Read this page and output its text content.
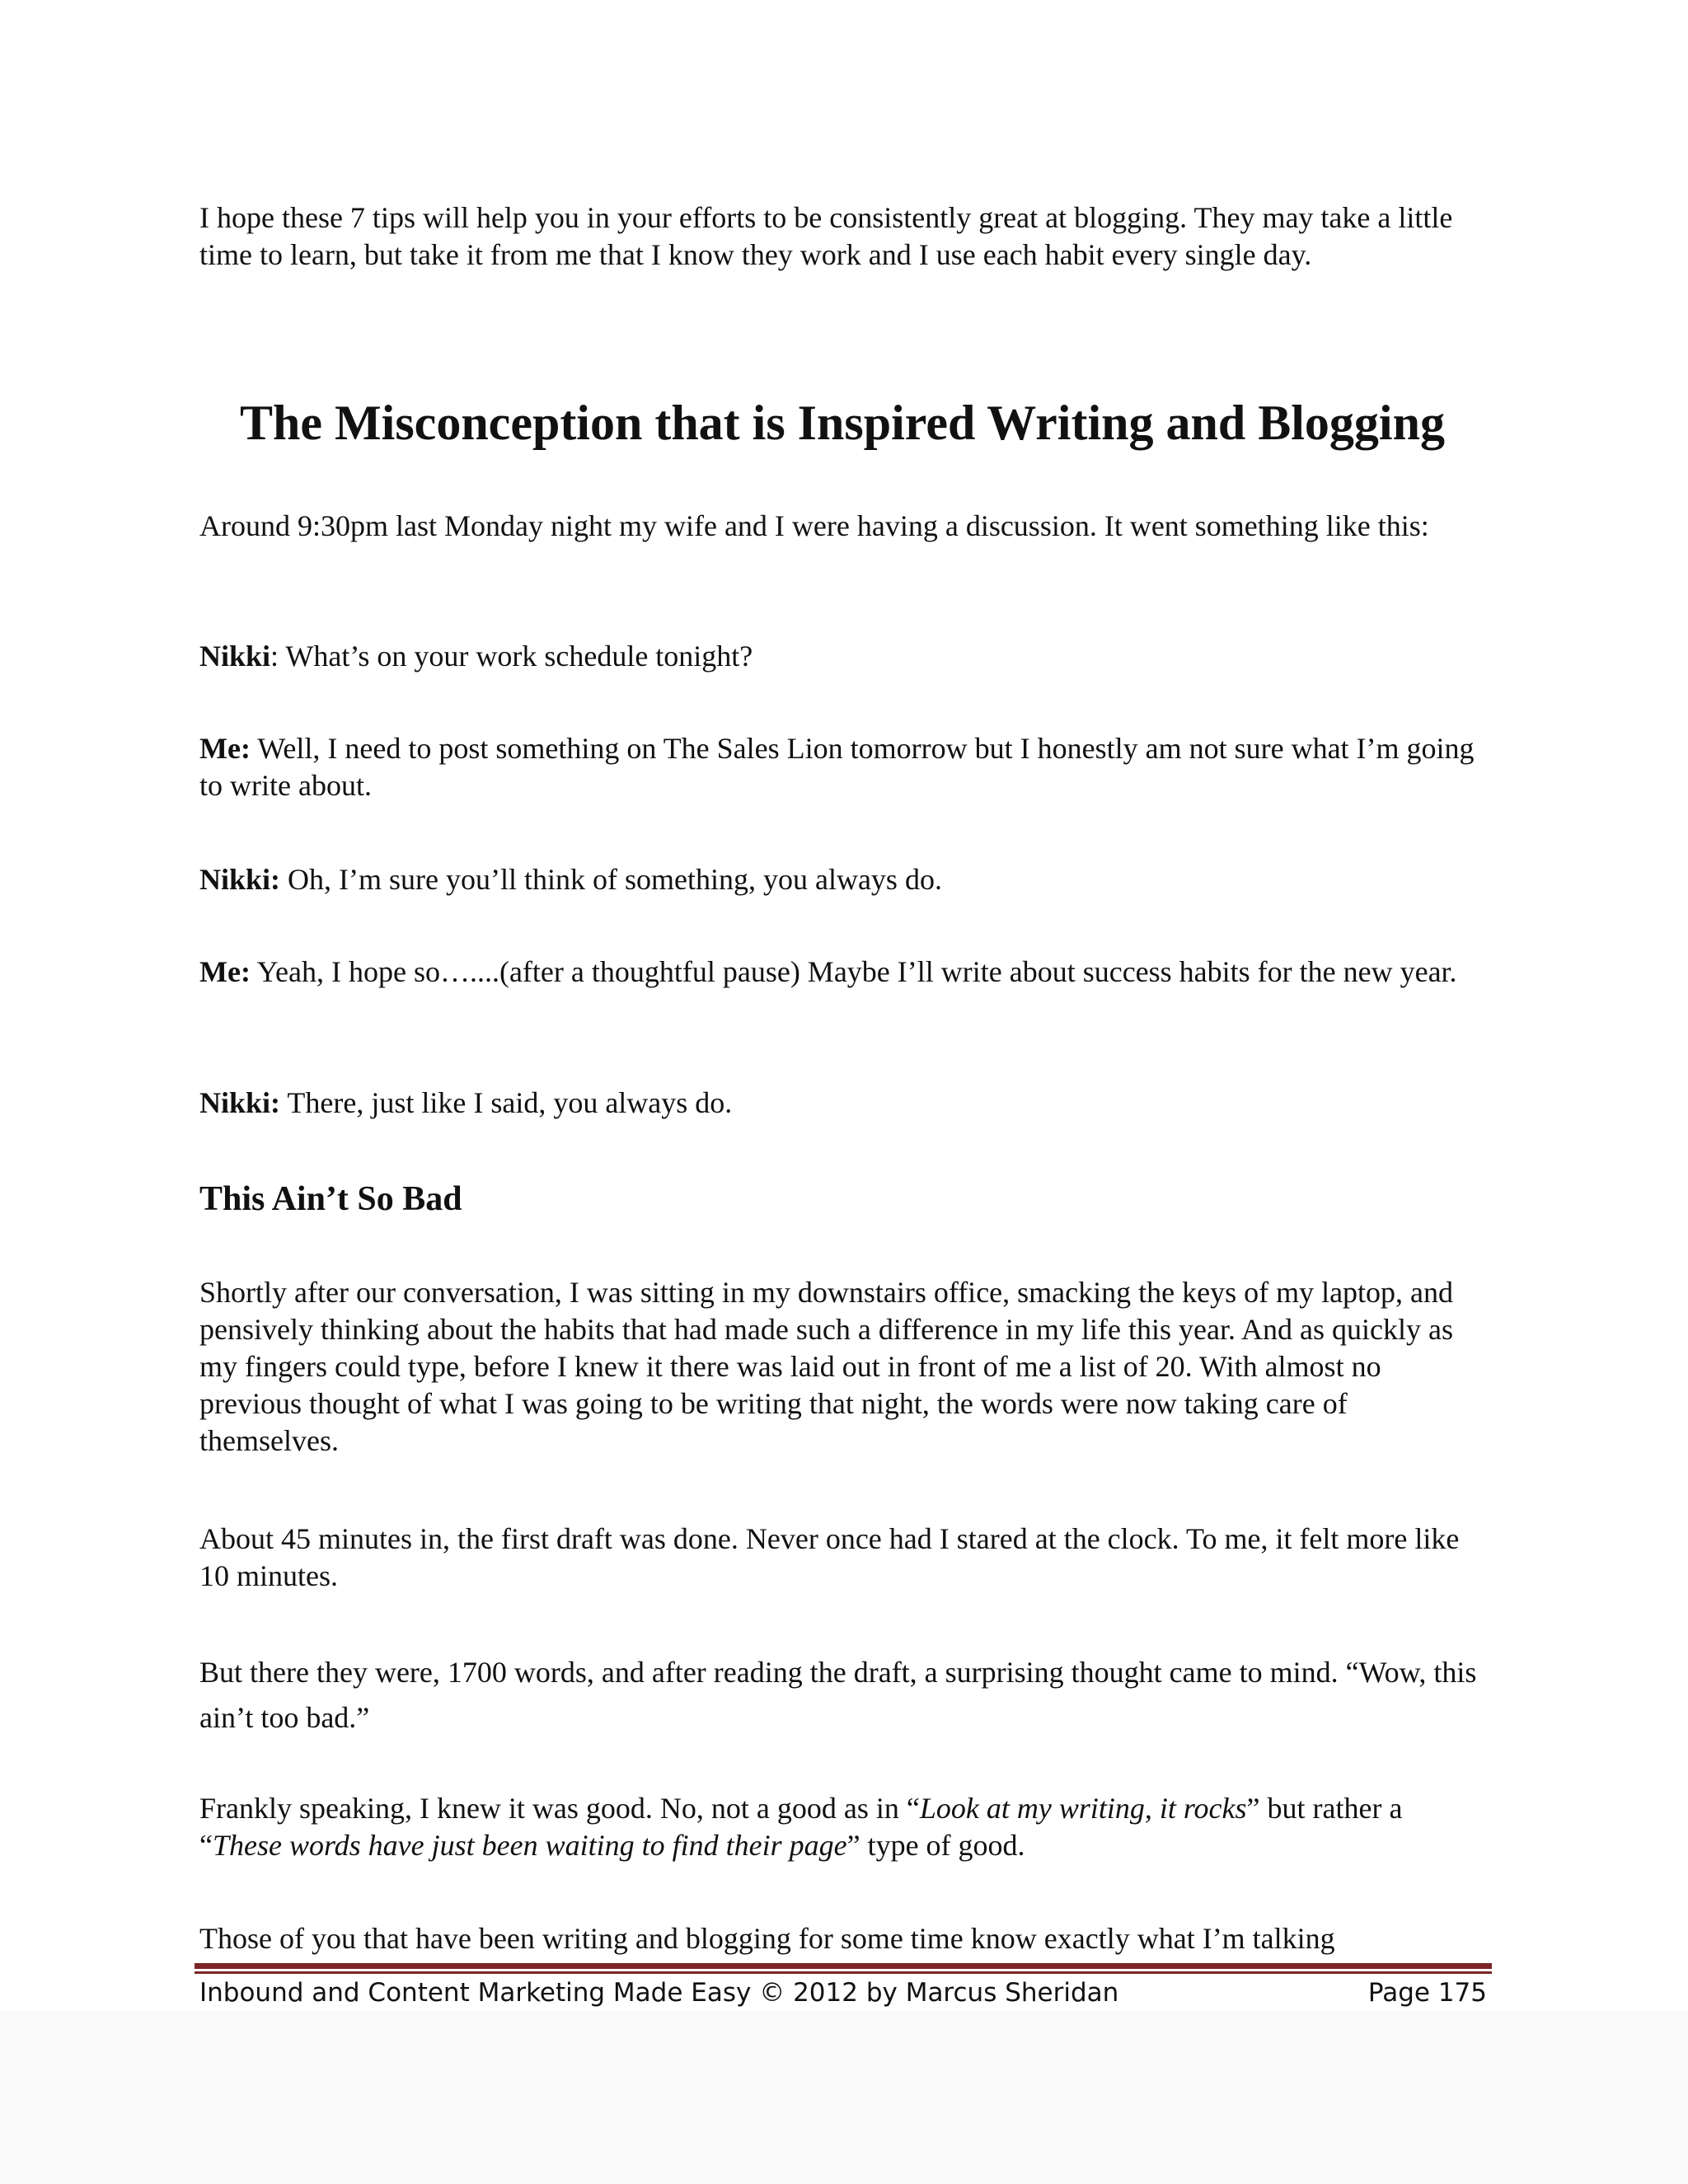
I hope these 7 tips will help you in your efforts to be consistently great at blogging. They may take a little time to learn, but take it from me that I know they work and I use each habit every single day.

The Misconception that is Inspired Writing and Blogging

Around 9:30pm last Monday night my wife and I were having a discussion. It went something like this:

Nikki: What’s on your work schedule tonight?

Me: Well, I need to post something on The Sales Lion tomorrow but I honestly am not sure what I’m going to write about.

Nikki: Oh, I’m sure you’ll think of something, you always do.

Me: Yeah, I hope so…....(after a thoughtful pause) Maybe I’ll write about success habits for the new year.

Nikki: There, just like I said, you always do.

This Ain’t So Bad

Shortly after our conversation, I was sitting in my downstairs office, smacking the keys of my laptop, and pensively thinking about the habits that had made such a difference in my life this year. And as quickly as my fingers could type, before I knew it there was laid out in front of me a list of 20. With almost no previous thought of what I was going to be writing that night, the words were now taking care of themselves.

About 45 minutes in, the first draft was done. Never once had I stared at the clock. To me, it felt more like 10 minutes.

But there they were, 1700 words, and after reading the draft, a surprising thought came to mind. “Wow, this ain’t too bad.”

Frankly speaking, I knew it was good. No, not a good as in “Look at my writing, it rocks” but rather a “These words have just been waiting to find their page” type of good.

Those of you that have been writing and blogging for some time know exactly what I’m talking

Inbound and Content Marketing Made Easy © 2012 by Marcus Sheridan	Page 175
